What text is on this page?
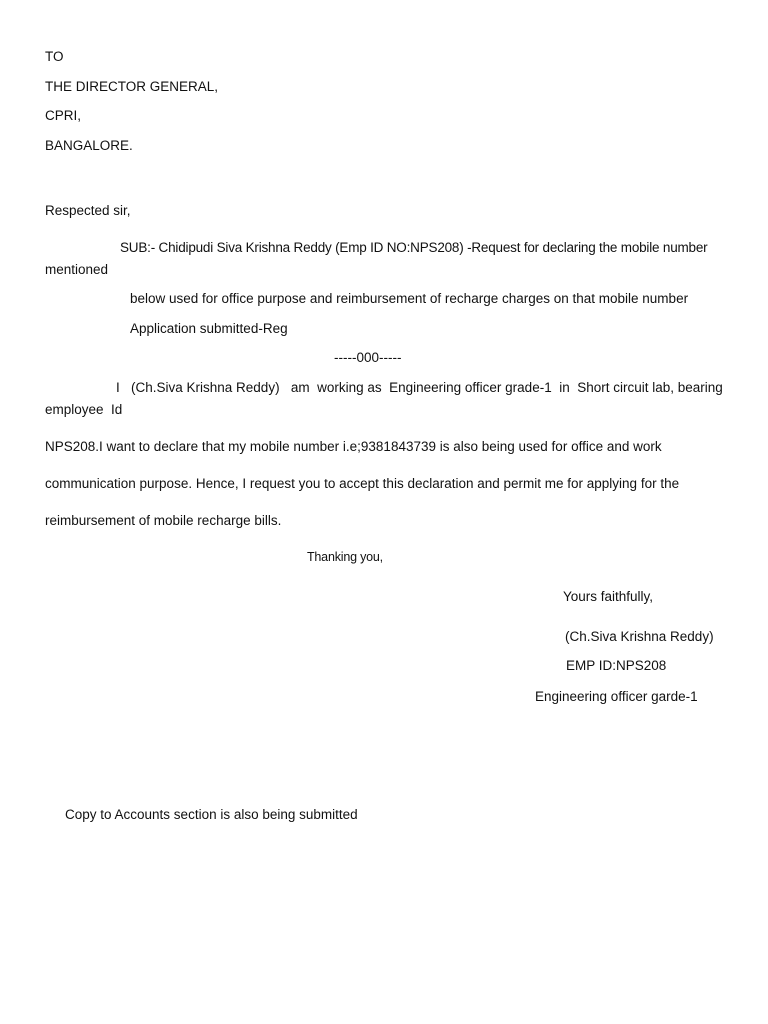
TO
THE DIRECTOR GENERAL,
CPRI,
BANGALORE.
Respected sir,
SUB:- Chidipudi Siva Krishna Reddy (Emp ID NO:NPS208) -Request for declaring the mobile number
mentioned
below used for office purpose and reimbursement of recharge charges on that mobile number
Application submitted-Reg
-----000-----
I   (Ch.Siva Krishna Reddy)   am  working as  Engineering officer grade-1  in  Short circuit lab, bearing
employee  Id
NPS208.I want to declare that my mobile number i.e;9381843739 is also being used for office and work
communication purpose. Hence, I request you to accept this declaration and permit me for applying for the
reimbursement of mobile recharge bills.
Thanking you,
Yours faithfully,
(Ch.Siva Krishna Reddy)
EMP ID:NPS208
Engineering officer garde-1
Copy to Accounts section is also being submitted
